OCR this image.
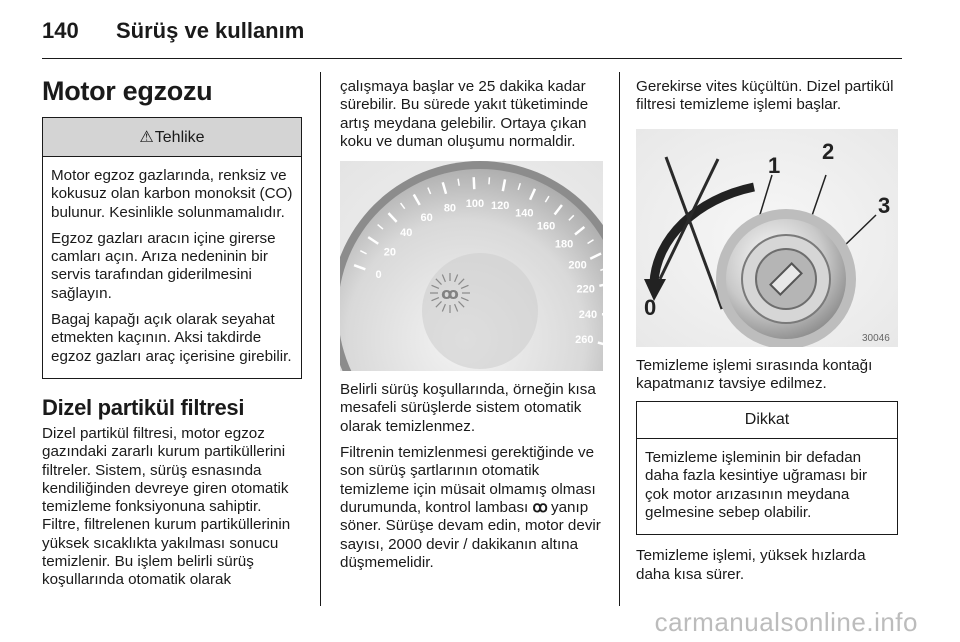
140 Sürüş ve kullanım
Motor egzozu
⚠Tehlike

Motor egzoz gazlarında, renksiz ve kokusuz olan karbon monoksit (CO) bulunur. Kesinlikle solunmamalıdır.

Egzoz gazları aracın içine girerse camları açın. Arıza nedeninin bir servis tarafından giderilmesini sağlayın.

Bagaj kapağı açık olarak seyahat etmekten kaçının. Aksi takdirde egzoz gazları araç içerisine girebilir.

Dizel partikül filtresi

Dizel partikül filtresi, motor egzoz gazındaki zararlı kurum partiküllerini filtreler. Sistem, sürüş esnasında kendiliğinden devreye giren otomatik temizleme fonksiyonuna sahiptir. Filtre, filtrelenen kurum partiküllerinin yüksek sıcaklıkta yakılması sonucu temizlenir. Bu işlem belirli sürüş koşullarında otomatik olarak

çalışmaya başlar ve 25 dakika kadar sürebilir. Bu sürede yakıt tüketiminde artış meydana gelebilir. Ortaya çıkan koku ve duman oluşumu normaldir.

0
20
40
60
80 100 120
140
160
180
200
220
240
260

Belirli sürüş koşullarında, örneğin kısa mesafeli sürüşlerde sistem otomatik olarak temizlenmez.

Filtrenin temizlenmesi gerektiğinde ve son sürüş şartlarının otomatik temizleme için müsait olmamış olması durumunda, kontrol lambası ꝏ yanıp söner. Sürüşe devam edin, motor devir sayısı, 2000 devir / dakikanın altına düşmemelidir.

Gerekirse vites küçültün. Dizel partikül filtresi temizleme işlemi başlar.

0
1
2
3
30046

Temizleme işlemi sırasında kontağı kapatmanız tavsiye edilmez.

Dikkat

Temizleme işleminin bir defadan daha fazla kesintiye uğraması bir çok motor arızasının meydana gelmesine sebep olabilir.

Temizleme işlemi, yüksek hızlarda daha kısa sürer.

carmanualsonline.info
